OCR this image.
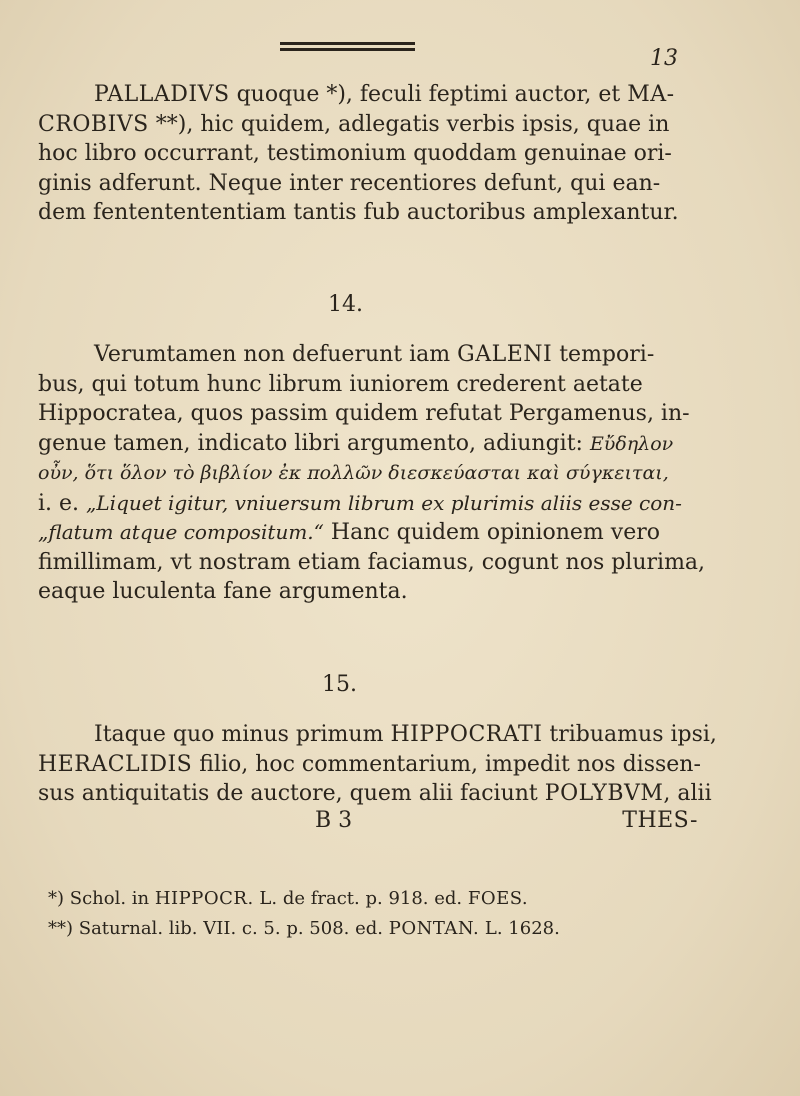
13
PALLADIVS quoque *), feculi feptimi auctor, et MA-
CROBIVS **), hic quidem, adlegatis verbis ipsis, quae in
hoc libro occurrant, testimonium quoddam genuinae ori-
ginis adferunt. Neque inter recentiores defunt, qui ean-
dem fententententiam tantis fub auctoribus amplexantur.
14.
Verumtamen non defuerunt iam GALENI tempori-
bus, qui totum hunc librum iuniorem crederent aetate
Hippocratea, quos passim quidem refutat Pergamenus, in-
genue tamen, indicato libri argumento, adiungit: Εὔδηλον
οὖν, ὅτι ὅλον τὸ βιβλίον ἐκ πολλῶν διεσκεύασται καὶ σύγκειται,
i. e. „Liquet igitur, vniuersum librum ex plurimis aliis esse con-
„flatum atque compositum.“ Hanc quidem opinionem vero
fimillimam, vt nostram etiam faciamus, cogunt nos plurima,
eaque luculenta fane argumenta.
15.
Itaque quo minus primum HIPPOCRATI tribuamus ipsi,
HERACLIDIS filio, hoc commentarium, impedit nos dissen-
sus antiquitatis de auctore, quem alii faciunt POLYBVM, alii
B 3	THES-
*) Schol. in HIPPOCR. L. de fract. p. 918. ed. FOES.
**) Saturnal. lib. VII. c. 5. p. 508. ed. PONTAN. L. 1628.
